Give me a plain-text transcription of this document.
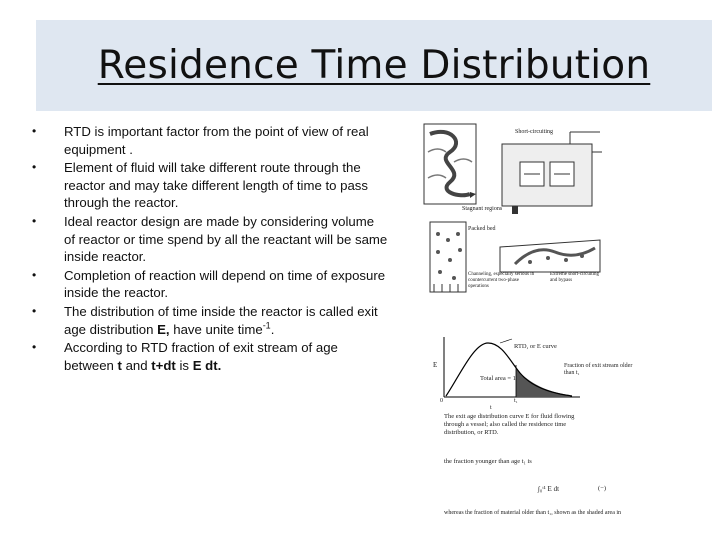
Residence Time Distribution
• RTD is important factor from the point of view of real equipment .
• Element of fluid will take different route through the reactor and may take different length of time to pass through the reactor.
• Ideal reactor design are made by considering volume of reactor or time spend by all the reactant will be same inside reactor.
• Completion of reaction will depend on time of exposure inside the reactor.
• The distribution of time inside the reactor is called exit age distribution E, have unite time$^{-1}$.
• According to RTD fraction of exit stream of age between t and t+dt is E dt.
Short-circuiting
Stagnant regions
Packed bed
Channeling, especially serious in countercurrent two-phase operations
Extreme short-circuiting and bypass
RTD, or E curve
Total area = 1
Fraction of exit stream older than t₁
E
0	t₁
t
The exit age distribution curve E for fluid flowing through a vessel; also called the residence time distribution, or RTD.
the fraction younger than age t₁ is
∫₀ᵗ¹ E dt	(−)
whereas the fraction of material older than t₁, shown as the shaded area in
